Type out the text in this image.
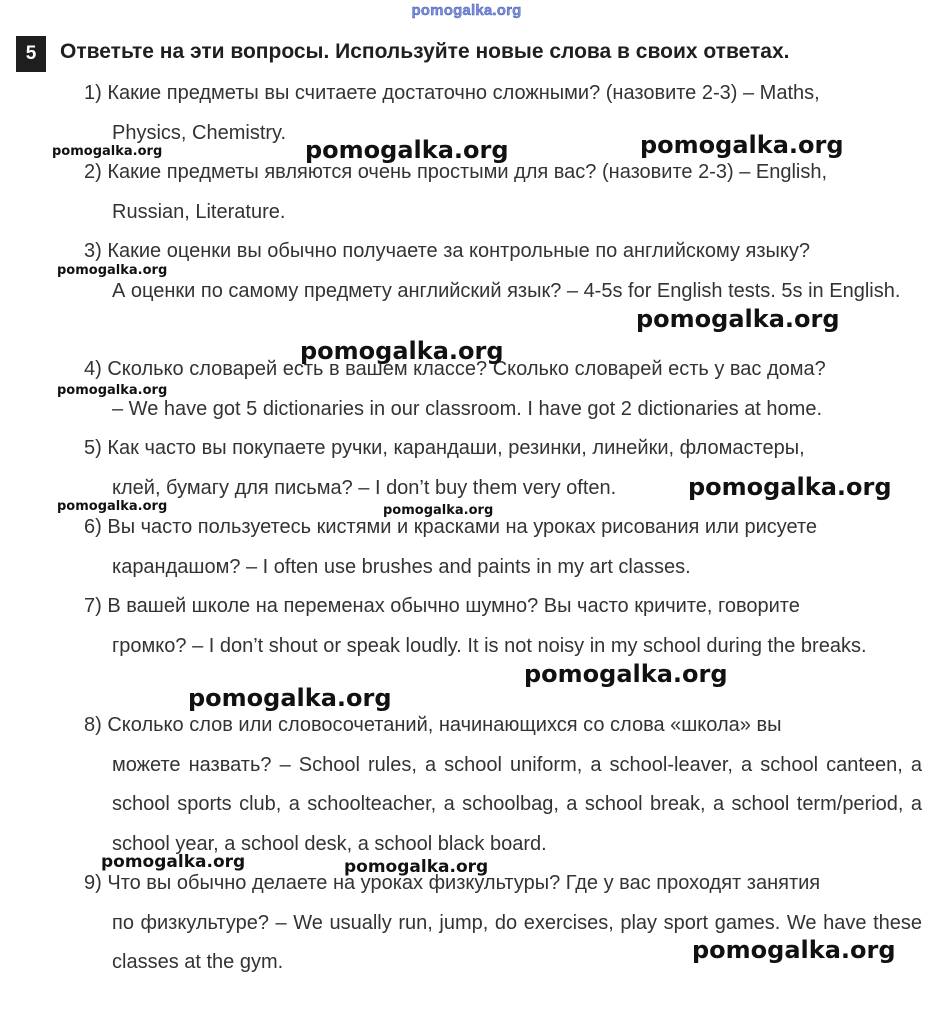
pomogalka.org
5	Ответьте на эти вопросы. Используйте новые слова в своих ответах.
1) Какие предметы вы считаете достаточно сложными? (назовите 2-3) – Maths,
Physics, Chemistry.
2) Какие предметы являются очень простыми для вас? (назовите 2-3) – English,
Russian, Literature.
3) Какие оценки вы обычно получаете за контрольные по английскому языку?
А оценки по самому предмету английский язык? – 4-5s for English tests. 5s in English.
4) Сколько словарей есть в вашем классе? Сколько словарей есть у вас дома?
– We have got 5 dictionaries in our classroom. I have got 2 dictionaries at home.
5) Как часто вы покупаете ручки, карандаши, резинки, линейки, фломастеры,
клей, бумагу для письма? – I don’t buy them very often.
6) Вы часто пользуетесь кистями и красками на уроках рисования или рисуете
карандашом? – I often use brushes and paints in my art classes.
7) В вашей школе на переменах обычно шумно? Вы часто кричите, говорите
громко? – I don’t shout or speak loudly. It is not noisy in my school during the breaks.
8) Сколько слов или словосочетаний, начинающихся со слова «школа» вы
можете назвать? – School rules, a school uniform, a school-leaver, a school canteen, a school sports club, a schoolteacher, a schoolbag, a school break, a school term/period, a school year, a school desk, a school black board.
9) Что вы обычно делаете на уроках физкультуры? Где у вас проходят занятия
по физкультуре? – We usually run, jump, do exercises, play sport games. We have these classes at the gym.
pomogalka.org	pomogalka.org	pomogalka.org
pomogalka.org
pomogalka.org
pomogalka.org
pomogalka.org
pomogalka.org
pomogalka.org	pomogalka.org
pomogalka.org
pomogalka.org
pomogalka.org	pomogalka.org
pomogalka.org
